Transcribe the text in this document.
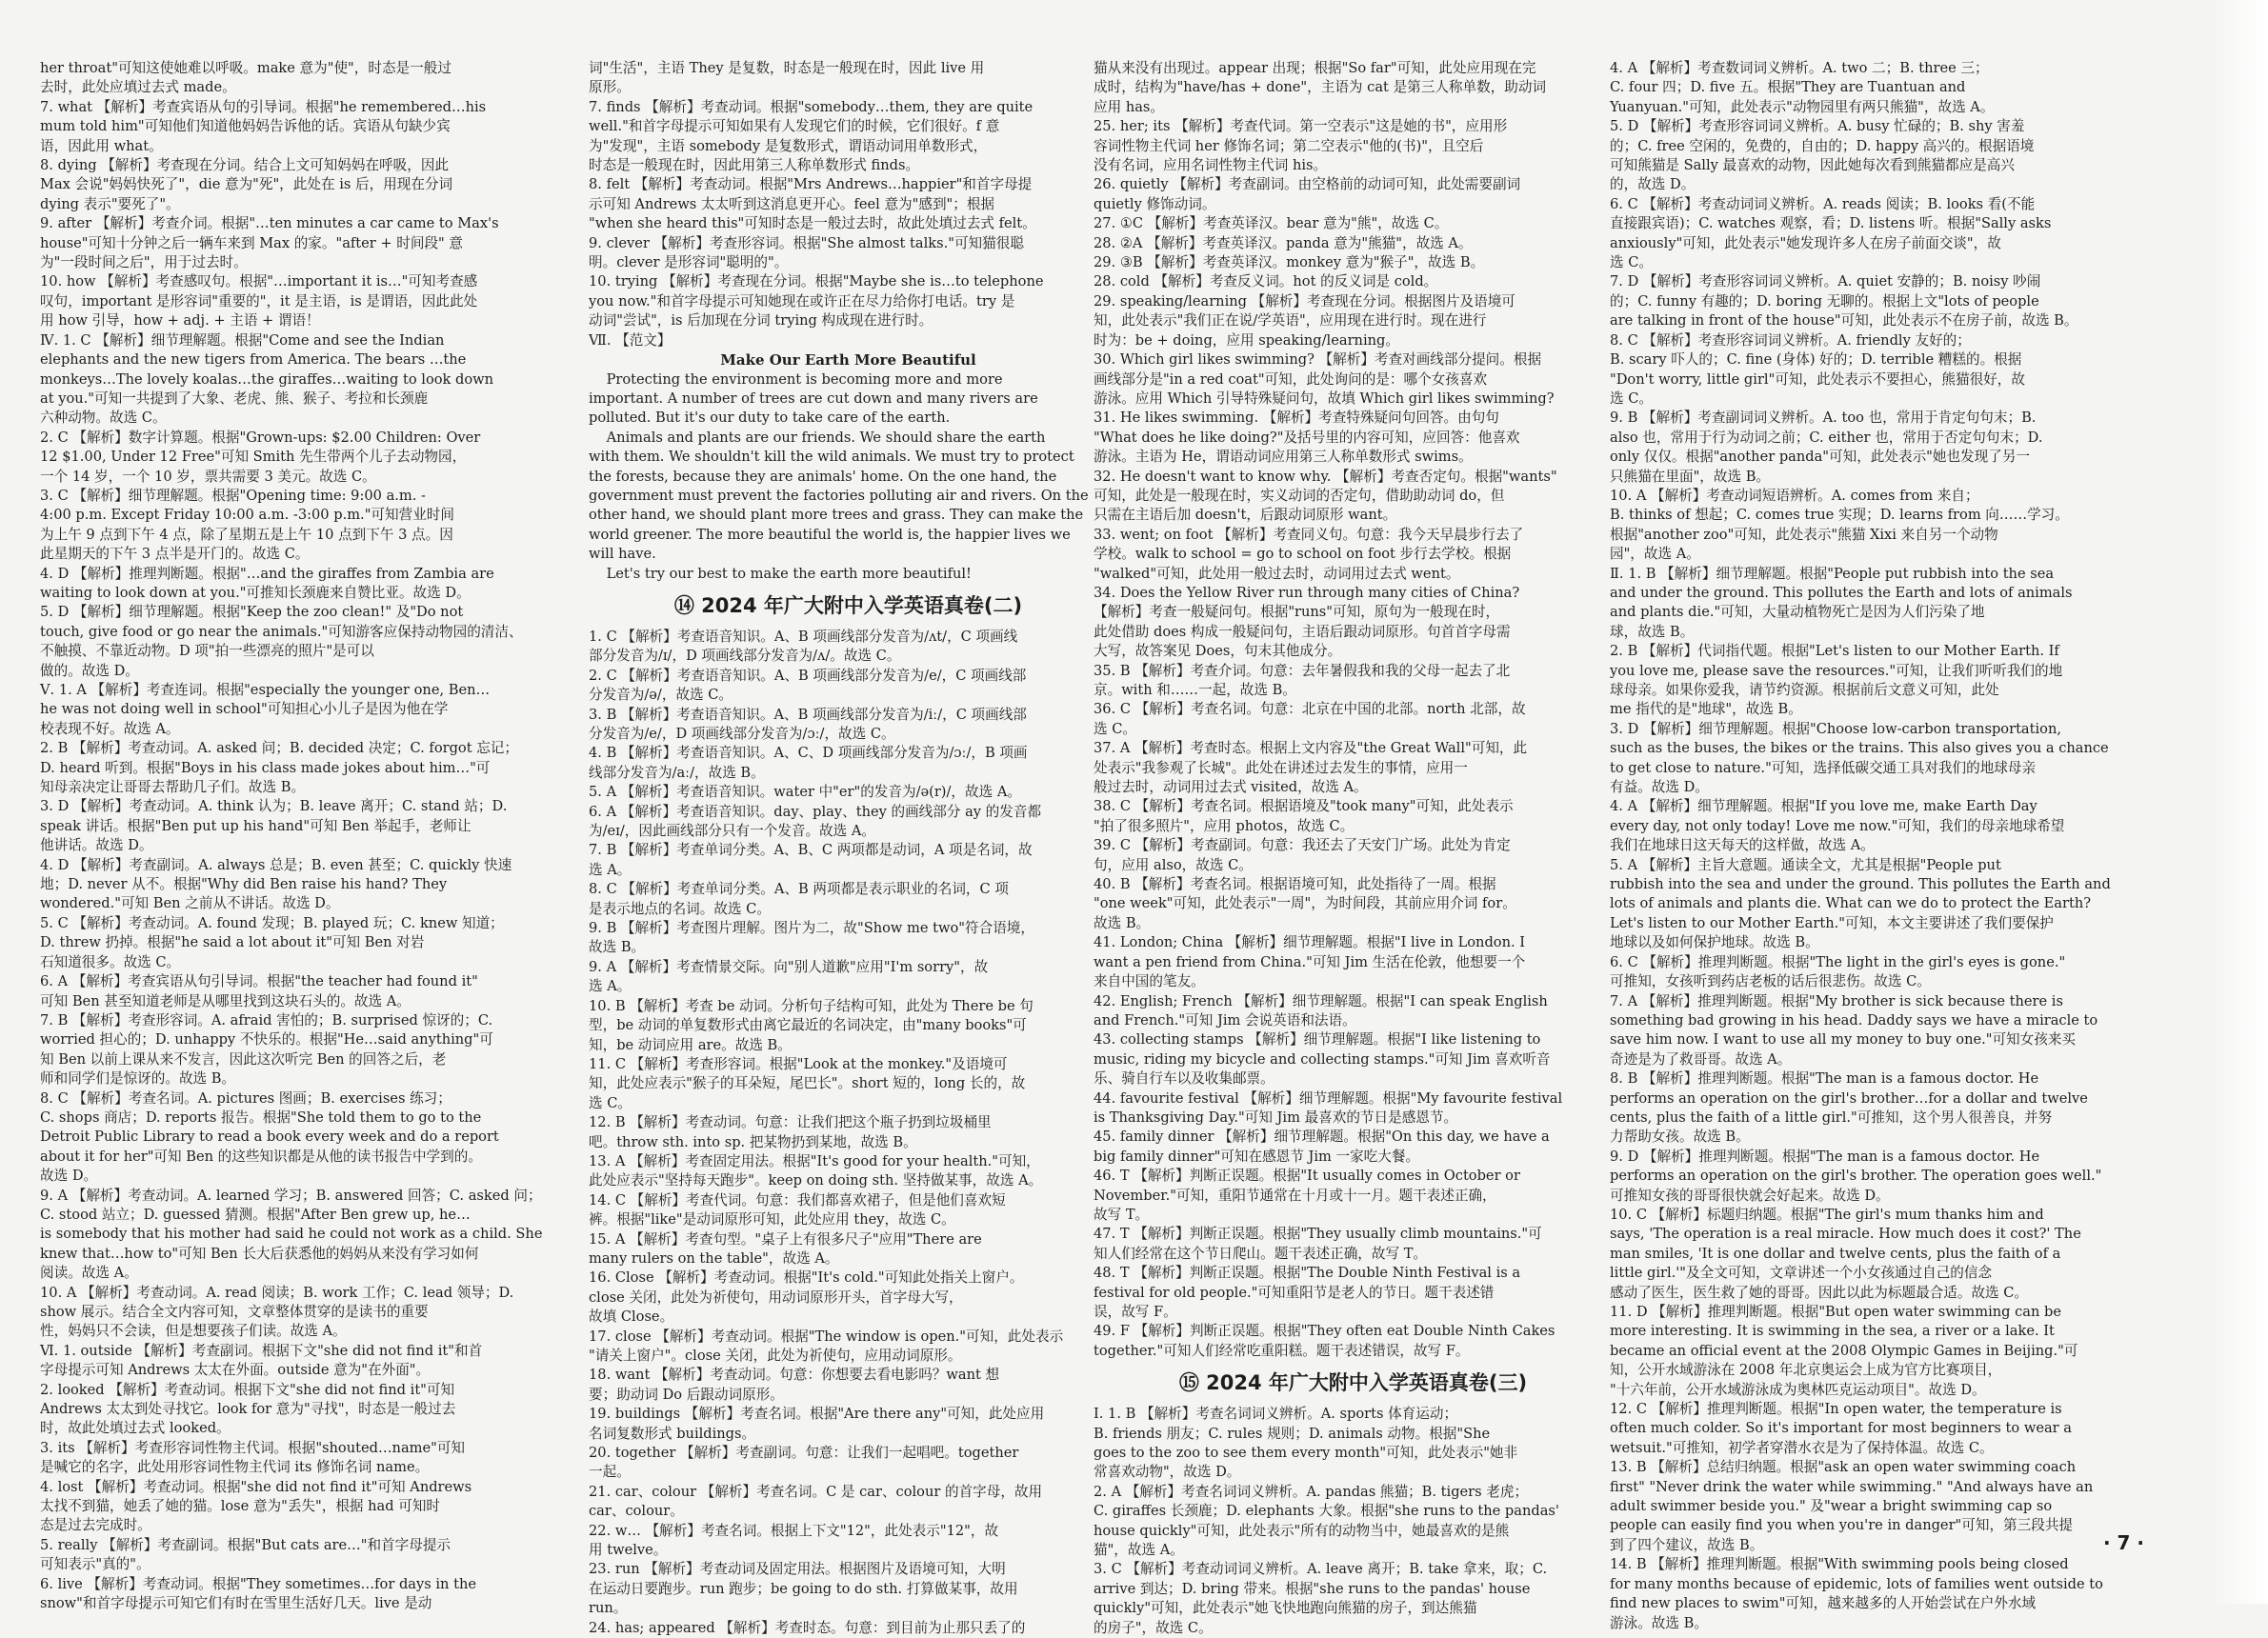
her throat"可知这使她难以呼吸。make 意为"使"，时态是一般过
去时，此处应填过去式 made。
7. what 【解析】考查宾语从句的引导词。根据"he remembered…his
mum told him"可知他们知道他妈妈告诉他的话。宾语从句缺少宾
语，因此用 what。
8. dying 【解析】考查现在分词。结合上文可知妈妈在呼吸，因此
Max 会说"妈妈快死了"，die 意为"死"，此处在 is 后，用现在分词
dying 表示"要死了"。
9. after 【解析】考查介词。根据"…ten minutes a car came to Max's
house"可知十分钟之后一辆车来到 Max 的家。"after + 时间段" 意
为"一段时间之后"，用于过去时。
10. how 【解析】考查感叹句。根据"…important it is…"可知考查感
叹句，important 是形容词"重要的"，it 是主语，is 是谓语，因此此处
用 how 引导，how + adj. + 主语 + 谓语！
Ⅳ. 1. C 【解析】细节理解题。根据"Come and see the Indian
elephants and the new tigers from America. The bears …the
monkeys…The lovely koalas…the giraffes…waiting to look down
at you."可知一共提到了大象、老虎、熊、猴子、考拉和长颈鹿
六种动物。故选 C。
2. C 【解析】数字计算题。根据"Grown-ups: $2.00 Children: Over
12 $1.00, Under 12 Free"可知 Smith 先生带两个儿子去动物园，
一个 14 岁，一个 10 岁，票共需要 3 美元。故选 C。
3. C 【解析】细节理解题。根据"Opening time: 9:00 a.m. -
4:00 p.m. Except Friday 10:00 a.m. -3:00 p.m."可知营业时间
为上午 9 点到下午 4 点，除了星期五是上午 10 点到下午 3 点。因
此星期天的下午 3 点半是开门的。故选 C。
4. D 【解析】推理判断题。根据"…and the giraffes from Zambia are
waiting to look down at you."可推知长颈鹿来自赞比亚。故选 D。
5. D 【解析】细节理解题。根据"Keep the zoo clean!" 及"Do not
touch, give food or go near the animals."可知游客应保持动物园的清洁、
不触摸、不靠近动物。D 项"拍一些漂亮的照片"是可以
做的。故选 D。
Ⅴ. 1. A 【解析】考查连词。根据"especially the younger one, Ben…
he was not doing well in school"可知担心小儿子是因为他在学
校表现不好。故选 A。
2. B 【解析】考查动词。A. asked 问；B. decided 决定；C. forgot 忘记；
D. heard 听到。根据"Boys in his class made jokes about him…"可
知母亲决定让哥哥去帮助几子们。故选 B。
3. D 【解析】考查动词。A. think 认为；B. leave 离开；C. stand 站；D.
speak 讲话。根据"Ben put up his hand"可知 Ben 举起手，老师让
他讲话。故选 D。
4. D 【解析】考查副词。A. always 总是；B. even 甚至；C. quickly 快速
地；D. never 从不。根据"Why did Ben raise his hand? They
wondered."可知 Ben 之前从不讲话。故选 D。
5. C 【解析】考查动词。A. found 发现；B. played 玩；C. knew 知道；
D. threw 扔掉。根据"he said a lot about it"可知 Ben 对岩
石知道很多。故选 C。
6. A 【解析】考查宾语从句引导词。根据"the teacher had found it"
可知 Ben 甚至知道老师是从哪里找到这块石头的。故选 A。
7. B 【解析】考查形容词。A. afraid 害怕的；B. surprised 惊讶的；C.
worried 担心的；D. unhappy 不快乐的。根据"He…said anything"可
知 Ben 以前上课从来不发言，因此这次听完 Ben 的回答之后，老
师和同学们是惊讶的。故选 B。
8. C 【解析】考查名词。A. pictures 图画；B. exercises 练习；
C. shops 商店；D. reports 报告。根据"She told them to go to the
Detroit Public Library to read a book every week and do a report
about it for her"可知 Ben 的这些知识都是从他的读书报告中学到的。
故选 D。
9. A 【解析】考查动词。A. learned 学习；B. answered 回答；C. asked 问；
C. stood 站立；D. guessed 猜测。根据"After Ben grew up, he…
is somebody that his mother had said he could not work as a child. She
knew that…how to"可知 Ben 长大后获悉他的妈妈从来没有学习如何
阅读。故选 A。
10. A 【解析】考查动词。A. read 阅读；B. work 工作；C. lead 领导；D.
show 展示。结合全文内容可知，文章整体贯穿的是读书的重要
性，妈妈只不会读，但是想要孩子们读。故选 A。
Ⅵ. 1. outside 【解析】考查副词。根据下文"she did not find it"和首
字母提示可知 Andrews 太太在外面。outside 意为"在外面"。
2. looked 【解析】考查动词。根据下文"she did not find it"可知
Andrews 太太到处寻找它。look for 意为"寻找"，时态是一般过去
时，故此处填过去式 looked。
3. its 【解析】考查形容词性物主代词。根据"shouted…name"可知
是喊它的名字，此处用形容词性物主代词 its 修饰名词 name。
4. lost 【解析】考查动词。根据"she did not find it"可知 Andrews
太找不到猫，她丢了她的猫。lose 意为"丢失"，根据 had 可知时
态是过去完成时。
5. really 【解析】考查副词。根据"But cats are…"和首字母提示
可知表示"真的"。
6. live 【解析】考查动词。根据"They sometimes…for days in the
snow"和首字母提示可知它们有时在雪里生活好几天。live 是动
词"生活"，主语 They 是复数，时态是一般现在时，因此 live 用
原形。
7. finds 【解析】考查动词。根据"somebody…them, they are quite
well."和首字母提示可知如果有人发现它们的时候，它们很好。f 意
为"发现"，主语 somebody 是复数形式，谓语动词用单数形式，
时态是一般现在时，因此用第三人称单数形式 finds。
8. felt 【解析】考查动词。根据"Mrs Andrews…happier"和首字母提
示可知 Andrews 太太听到这消息更开心。feel 意为"感到"；根据
"when she heard this"可知时态是一般过去时，故此处填过去式 felt。
9. clever 【解析】考查形容词。根据"She almost talks."可知猫很聪
明。clever 是形容词"聪明的"。
10. trying 【解析】考查现在分词。根据"Maybe she is…to telephone
you now."和首字母提示可知她现在或许正在尽力给你打电话。try 是
动词"尝试"，is 后加现在分词 trying 构成现在进行时。
Ⅶ. 【范文】
Make Our Earth More Beautiful
Protecting the environment is becoming more and more
important. A number of trees are cut down and many rivers are
polluted. But it's our duty to take care of the earth.
Animals and plants are our friends. We should share the earth
with them. We shouldn't kill the wild animals. We must try to protect
the forests, because they are animals' home. On the one hand, the
government must prevent the factories polluting air and rivers. On the
other hand, we should plant more trees and grass. They can make the
world greener. The more beautiful the world is, the happier lives we
will have.
Let's try our best to make the earth more beautiful!
⑭ 2024 年广大附中入学英语真卷(二)
1. C 【解析】考查语音知识。A、B 项画线部分发音为/ʌt/，C 项画线
部分发音为/ɪ/，D 项画线部分发音为/ʌ/。故选 C。
2. C 【解析】考查语音知识。A、B 项画线部分发音为/e/，C 项画线部
分发音为/ə/，故选 C。
3. B 【解析】考查语音知识。A、B 项画线部分发音为/iː/，C 项画线部
分发音为/e/，D 项画线部分发音为/ɔː/，故选 C。
4. B 【解析】考查语音知识。A、C、D 项画线部分发音为/ɔː/，B 项画
线部分发音为/aː/，故选 B。
5. A 【解析】考查语音知识。water 中"er"的发音为/ə(r)/，故选 A。
6. A 【解析】考查语音知识。day、play、they 的画线部分 ay 的发音都
为/eɪ/，因此画线部分只有一个发音。故选 A。
7. B 【解析】考查单词分类。A、B、C 两项都是动词，A 项是名词，故
选 A。
8. C 【解析】考查单词分类。A、B 两项都是表示职业的名词，C 项
是表示地点的名词。故选 C。
9. B 【解析】考查图片理解。图片为二，故"Show me two"符合语境，
故选 B。
9. A 【解析】考查情景交际。向"别人道歉"应用"I'm sorry"，故
选 A。
10. B 【解析】考查 be 动词。分析句子结构可知，此处为 There be 句
型，be 动词的单复数形式由离它最近的名词决定，由"many books"可
知，be 动词应用 are。故选 B。
11. C 【解析】考查形容词。根据"Look at the monkey."及语境可
知，此处应表示"猴子的耳朵短，尾巴长"。short 短的，long 长的，故
选 C。
12. B 【解析】考查动词。句意：让我们把这个瓶子扔到垃圾桶里
吧。throw sth. into sp. 把某物扔到某地，故选 B。
13. A 【解析】考查固定用法。根据"It's good for your health."可知，
此处应表示"坚持每天跑步"。keep on doing sth. 坚持做某事，故选 A。
14. C 【解析】考查代词。句意：我们都喜欢裙子，但是他们喜欢短
裤。根据"like"是动词原形可知，此处应用 they，故选 C。
15. A 【解析】考查句型。"桌子上有很多尺子"应用"There are
many rulers on the table"，故选 A。
16. Close 【解析】考查动词。根据"It's cold."可知此处指关上窗户。
close 关闭，此处为祈使句，用动词原形开头，首字母大写，
故填 Close。
17. close 【解析】考查动词。根据"The window is open."可知，此处表示
"请关上窗户"。close 关闭，此处为祈使句，应用动词原形。
18. want 【解析】考查动词。句意：你想要去看电影吗？want 想
要；助动词 Do 后跟动词原形。
19. buildings 【解析】考查名词。根据"Are there any"可知，此处应用
名词复数形式 buildings。
20. together 【解析】考查副词。句意：让我们一起唱吧。together
一起。
21. car、colour 【解析】考查名词。C 是 car、colour 的首字母，故用
car、colour。
22. w… 【解析】考查名词。根据上下文"12"，此处表示"12"，故
用 twelve。
23. run 【解析】考查动词及固定用法。根据图片及语境可知，大明
在运动日要跑步。run 跑步；be going to do sth. 打算做某事，故用
run。
24. has; appeared 【解析】考查时态。句意：到目前为止那只丢了的
猫从来没有出现过。appear 出现；根据"So far"可知，此处应用现在完
成时，结构为"have/has + done"，主语为 cat 是第三人称单数，助动词
应用 has。
25. her; its 【解析】考查代词。第一空表示"这是她的书"，应用形
容词性物主代词 her 修饰名词；第二空表示"他的(书)"，且空后
没有名词，应用名词性物主代词 his。
26. quietly 【解析】考查副词。由空格前的动词可知，此处需要副词
quietly 修饰动词。
27. ①C 【解析】考查英译汉。bear 意为"熊"，故选 C。
28. ②A 【解析】考查英译汉。panda 意为"熊猫"，故选 A。
29. ③B 【解析】考查英译汉。monkey 意为"猴子"，故选 B。
28. cold 【解析】考查反义词。hot 的反义词是 cold。
29. speaking/learning 【解析】考查现在分词。根据图片及语境可
知，此处表示"我们正在说/学英语"，应用现在进行时。现在进行
时为：be + doing，应用 speaking/learning。
30. Which girl likes swimming? 【解析】考查对画线部分提问。根据
画线部分是"in a red coat"可知，此处询问的是：哪个女孩喜欢
游泳。应用 Which 引导特殊疑问句，故填 Which girl likes swimming?
31. He likes swimming. 【解析】考查特殊疑问句回答。由句句
"What does he like doing?"及括号里的内容可知，应回答：他喜欢
游泳。主语为 He，谓语动词应用第三人称单数形式 swims。
32. He doesn't want to know why. 【解析】考查否定句。根据"wants"
可知，此处是一般现在时，实义动词的否定句，借助助动词 do，但
只需在主语后加 doesn't，后跟动词原形 want。
33. went; on foot 【解析】考查同义句。句意：我今天早晨步行去了
学校。walk to school = go to school on foot 步行去学校。根据
"walked"可知，此处用一般过去时，动词用过去式 went。
34. Does the Yellow River run through many cities of China?
【解析】考查一般疑问句。根据"runs"可知，原句为一般现在时，
此处借助 does 构成一般疑问句，主语后跟动词原形。句首首字母需
大写，故答案见 Does，句末其他成分。
35. B 【解析】考查介词。句意：去年暑假我和我的父母一起去了北
京。with 和……一起，故选 B。
36. C 【解析】考查名词。句意：北京在中国的北部。north 北部，故
选 C。
37. A 【解析】考查时态。根据上文内容及"the Great Wall"可知，此
处表示"我参观了长城"。此处在讲述过去发生的事情，应用一
般过去时，动词用过去式 visited，故选 A。
38. C 【解析】考查名词。根据语境及"took many"可知，此处表示
"拍了很多照片"，应用 photos，故选 C。
39. C 【解析】考查副词。句意：我还去了天安门广场。此处为肯定
句，应用 also，故选 C。
40. B 【解析】考查名词。根据语境可知，此处指待了一周。根据
"one week"可知，此处表示"一周"，为时间段，其前应用介词 for。
故选 B。
41. London; China 【解析】细节理解题。根据"I live in London. I
want a pen friend from China."可知 Jim 生活在伦敦，他想要一个
来自中国的笔友。
42. English; French 【解析】细节理解题。根据"I can speak English
and French."可知 Jim 会说英语和法语。
43. collecting stamps 【解析】细节理解题。根据"I like listening to
music, riding my bicycle and collecting stamps."可知 Jim 喜欢听音
乐、骑自行车以及收集邮票。
44. favourite festival 【解析】细节理解题。根据"My favourite festival
is Thanksgiving Day."可知 Jim 最喜欢的节日是感恩节。
45. family dinner 【解析】细节理解题。根据"On this day, we have a
big family dinner"可知在感恩节 Jim 一家吃大餐。
46. T 【解析】判断正误题。根据"It usually comes in October or
November."可知，重阳节通常在十月或十一月。题干表述正确，
故写 T。
47. T 【解析】判断正误题。根据"They usually climb mountains."可
知人们经常在这个节日爬山。题干表述正确，故写 T。
48. T 【解析】判断正误题。根据"The Double Ninth Festival is a
festival for old people."可知重阳节是老人的节日。题干表述错
误，故写 F。
49. F 【解析】判断正误题。根据"They often eat Double Ninth Cakes
together."可知人们经常吃重阳糕。题干表述错误，故写 F。
⑮ 2024 年广大附中入学英语真卷(三)
Ⅰ. 1. B 【解析】考查名词词义辨析。A. sports 体育运动；
B. friends 朋友；C. rules 规则；D. animals 动物。根据"She
goes to the zoo to see them every month"可知，此处表示"她非
常喜欢动物"，故选 D。
2. A 【解析】考查名词词义辨析。A. pandas 熊猫；B. tigers 老虎；
C. giraffes 长颈鹿；D. elephants 大象。根据"she runs to the pandas'
house quickly"可知，此处表示"所有的动物当中，她最喜欢的是熊
猫"，故选 A。
3. C 【解析】考查动词词义辨析。A. leave 离开；B. take 拿来，取；C.
arrive 到达；D. bring 带来。根据"she runs to the pandas' house
quickly"可知，此处表示"她飞快地跑向熊猫的房子，到达熊猫
的房子"，故选 C。
4. A 【解析】考查数词词义辨析。A. two 二；B. three 三；
C. four 四；D. five 五。根据"They are Tuantuan and
Yuanyuan."可知，此处表示"动物园里有两只熊猫"，故选 A。
5. D 【解析】考查形容词词义辨析。A. busy 忙碌的；B. shy 害羞
的；C. free 空闲的，免费的，自由的；D. happy 高兴的。根据语境
可知熊猫是 Sally 最喜欢的动物，因此她每次看到熊猫都应是高兴
的，故选 D。
6. C 【解析】考查动词词义辨析。A. reads 阅读；B. looks 看(不能
直接跟宾语)；C. watches 观察，看；D. listens 听。根据"Sally asks
anxiously"可知，此处表示"她发现许多人在房子前面交谈"，故
选 C。
7. D 【解析】考查形容词词义辨析。A. quiet 安静的；B. noisy 吵闹
的；C. funny 有趣的；D. boring 无聊的。根据上文"lots of people
are talking in front of the house"可知，此处表示不在房子前，故选 B。
8. C 【解析】考查形容词词义辨析。A. friendly 友好的；
B. scary 吓人的；C. fine (身体) 好的；D. terrible 糟糕的。根据
"Don't worry, little girl"可知，此处表示不要担心，熊猫很好，故
选 C。
9. B 【解析】考查副词词义辨析。A. too 也，常用于肯定句句末；B.
also 也，常用于行为动词之前；C. either 也，常用于否定句句末；D.
only 仅仅。根据"another panda"可知，此处表示"她也发现了另一
只熊猫在里面"，故选 B。
10. A 【解析】考查动词短语辨析。A. comes from 来自；
B. thinks of 想起；C. comes true 实现；D. learns from 向……学习。
根据"another zoo"可知，此处表示"熊猫 Xixi 来自另一个动物
园"，故选 A。
Ⅱ. 1. B 【解析】细节理解题。根据"People put rubbish into the sea
and under the ground. This pollutes the Earth and lots of animals
and plants die."可知，大量动植物死亡是因为人们污染了地
球，故选 B。
2. B 【解析】代词指代题。根据"Let's listen to our Mother Earth. If
you love me, please save the resources."可知，让我们听听我们的地
球母亲。如果你爱我，请节约资源。根据前后文意义可知，此处
me 指代的是"地球"，故选 B。
3. D 【解析】细节理解题。根据"Choose low-carbon transportation,
such as the buses, the bikes or the trains. This also gives you a chance
to get close to nature."可知，选择低碳交通工具对我们的地球母亲
有益。故选 D。
4. A 【解析】细节理解题。根据"If you love me, make Earth Day
every day, not only today! Love me now."可知，我们的母亲地球希望
我们在地球日这天每天的这样做，故选 A。
5. A 【解析】主旨大意题。通读全文，尤其是根据"People put
rubbish into the sea and under the ground. This pollutes the Earth and
lots of animals and plants die. What can we do to protect the Earth?
Let's listen to our Mother Earth."可知，本文主要讲述了我们要保护
地球以及如何保护地球。故选 B。
6. C 【解析】推理判断题。根据"The light in the girl's eyes is gone."
可推知，女孩听到药店老板的话后很悲伤。故选 C。
7. A 【解析】推理判断题。根据"My brother is sick because there is
something bad growing in his head. Daddy says we have a miracle to
save him now. I want to use all my money to buy one."可知女孩来买
奇迹是为了救哥哥。故选 A。
8. B 【解析】推理判断题。根据"The man is a famous doctor. He
performs an operation on the girl's brother…for a dollar and twelve
cents, plus the faith of a little girl."可推知，这个男人很善良，并努
力帮助女孩。故选 B。
9. D 【解析】推理判断题。根据"The man is a famous doctor. He
performs an operation on the girl's brother. The operation goes well."
可推知女孩的哥哥很快就会好起来。故选 D。
10. C 【解析】标题归纳题。根据"The girl's mum thanks him and
says, 'The operation is a real miracle. How much does it cost?' The
man smiles, 'It is one dollar and twelve cents, plus the faith of a
little girl.'"及全文可知，文章讲述一个小女孩通过自己的信念
感动了医生，医生救了她的哥哥。因此以此为标题最合适。故选 C。
11. D 【解析】推理判断题。根据"But open water swimming can be
more interesting. It is swimming in the sea, a river or a lake. It
became an official event at the 2008 Olympic Games in Beijing."可
知，公开水域游泳在 2008 年北京奥运会上成为官方比赛项目，
"十六年前，公开水域游泳成为奥林匹克运动项目"。故选 D。
12. C 【解析】推理判断题。根据"In open water, the temperature is
often much colder. So it's important for most beginners to wear a
wetsuit."可推知，初学者穿潜水衣是为了保持体温。故选 C。
13. B 【解析】总结归纳题。根据"ask an open water swimming coach
first" "Never drink the water while swimming." "And always have an
adult swimmer beside you." 及"wear a bright swimming cap so
people can easily find you when you're in danger"可知，第三段共提
到了四个建议，故选 B。
14. B 【解析】推理判断题。根据"With swimming pools being closed
for many months because of epidemic, lots of families went outside to
find new places to swim"可知，越来越多的人开始尝试在户外水域
游泳。故选 B。
· 7 ·
